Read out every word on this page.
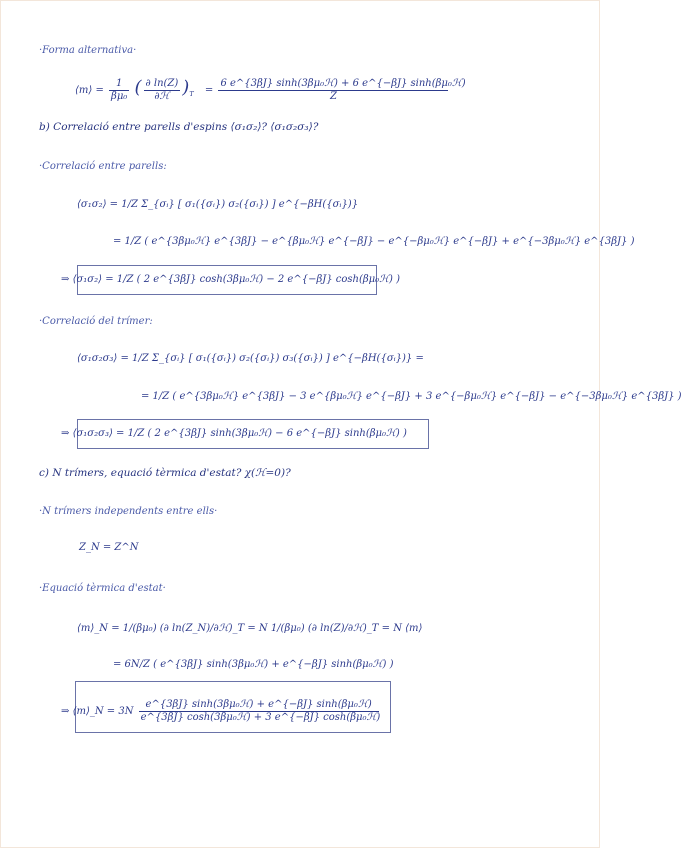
·Forma alternativa·
⟨m⟩ = $\frac{1}{\text{βμ₀}}$ ( $\frac{\partial \ln(Z)}{\text{∂ℋ}} )_T = \frac{\text{6 e\textasciicircum{}\{3βJ\} sinh(3βμ₀ℋ) + 6 e\textasciicircum{}\{−βJ\} sinh(βμ₀ℋ)}}{Z}$
b) Correlació entre parells d'espins ⟨σ₁σ₂⟩? ⟨σ₁σ₂σ₃⟩?
·Correlació entre parells:
⟨σ₁σ₂⟩ = 1/Z Σ_{σᵢ} [ σ₁({σᵢ}) σ₂({σᵢ}) ] e^{−βH({σᵢ})}
= 1/Z ( e^{3βμ₀ℋ} e^{3βJ} − e^{βμ₀ℋ} e^{−βJ} − e^{−βμ₀ℋ} e^{−βJ} + e^{−3βμ₀ℋ} e^{3βJ} )
⇒ ⟨σ₁σ₂⟩ = 1/Z ( 2 e^{3βJ} cosh(3βμ₀ℋ) − 2 e^{−βJ} cosh(βμ₀ℋ) )
·Correlació del trímer:
⟨σ₁σ₂σ₃⟩ = 1/Z Σ_{σᵢ} [ σ₁({σᵢ}) σ₂({σᵢ}) σ₃({σᵢ}) ] e^{−βH({σᵢ})} =
= 1/Z ( e^{3βμ₀ℋ} e^{3βJ} − 3 e^{βμ₀ℋ} e^{−βJ} + 3 e^{−βμ₀ℋ} e^{−βJ} − e^{−3βμ₀ℋ} e^{3βJ} )
⇒ ⟨σ₁σ₂σ₃⟩ = 1/Z ( 2 e^{3βJ} sinh(3βμ₀ℋ) − 6 e^{−βJ} sinh(βμ₀ℋ) )
c) N trímers, equació tèrmica d'estat? χ(ℋ=0)?
·N trímers independents entre ells·
Z_N = Z^N
·Equació tèrmica d'estat·
⟨m⟩_N = 1/(βμ₀) (∂ ln(Z_N)/∂ℋ)_T = N 1/(βμ₀) (∂ ln(Z)/∂ℋ)_T = N ⟨m⟩
= 6N/Z ( e^{3βJ} sinh(3βμ₀ℋ) + e^{−βJ} sinh(βμ₀ℋ) )
⇒ ⟨m⟩_N = $3N \frac{\text{e\textasciicircum{}\{3βJ\} sinh(3βμ₀ℋ) + e\textasciicircum{}\{−βJ\} sinh(βμ₀ℋ)}}{\text{e\textasciicircum{}\{3βJ\} cosh(3βμ₀ℋ) + 3 e\textasciicircum{}\{−βJ\} cosh(βμ₀ℋ)}}$
